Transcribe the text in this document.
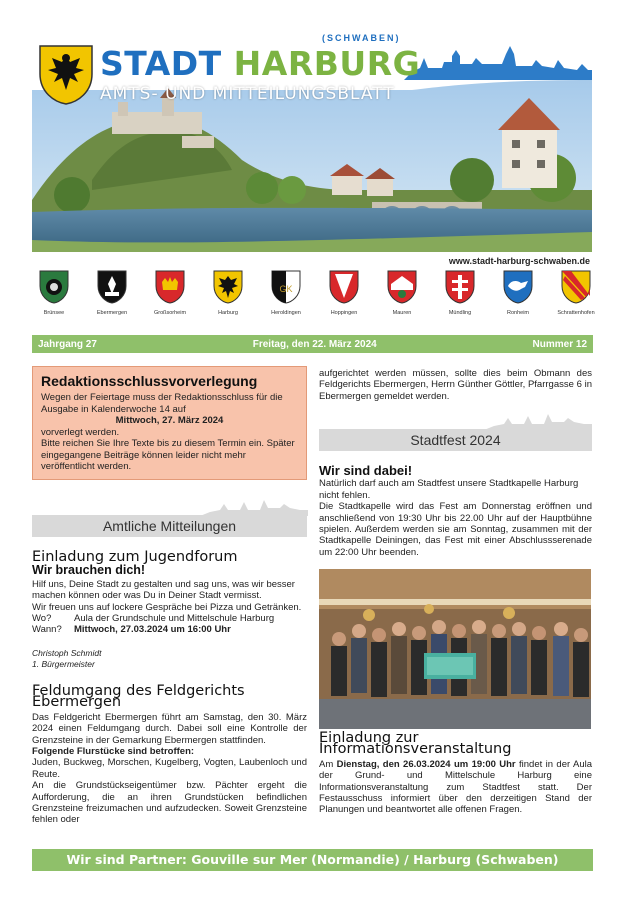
(SCHWABEN)
STADT HARBURG
AMTS- UND MITTEILUNGSBLATT
www.stadt-harburg-schwaben.de
Brünsee	Ebermergen	Großsorheim	Harburg
GK
Heroldingen	Hoppingen	Mauren	Mündling	Ronheim	Schrattenhofen
Jahrgang 27	Freitag, den 22. März 2024	Nummer 12
Redaktionsschlussvorverlegung

Wegen der Feiertage muss der Redaktionsschluss für die Ausgabe in Kalenderwoche 14 auf

Mittwoch, 27. März 2024

vorverlegt werden.

Bitte reichen Sie Ihre Texte bis zu diesem Termin ein. Später eingegangene Beiträge können leider nicht mehr veröffentlicht werden.

Amtliche Mitteilungen
Einladung zum Jugendforum
Wir brauchen dich!

Hilf uns, Deine Stadt zu gestalten und sag uns, was wir besser machen können oder was Du in Deiner Stadt vermisst.

Wir freuen uns auf lockere Gespräche bei Pizza und Getränken.

Wo? Aula der Grundschule und Mittelschule Harburg

Wann? Mittwoch, 27.03.2024 um 16:00 Uhr

Christoph Schmidt

1. Bürgermeister

Feldumgang des Feldgerichts
Ebermergen

Das Feldgericht Ebermergen führt am Samstag, den 30. März 2024 einen Feldumgang durch. Dabei soll eine Kontrolle der Grenzsteine in der Gemarkung Ebermergen stattfinden.

Folgende Flurstücke sind betroffen:

Juden, Buckweg, Morschen, Kugelberg, Vogten, Laubenloch und Reute.

An die Grundstückseigentümer bzw. Pächter ergeht die Aufforderung, die an ihren Grundstücken befindlichen Grenzsteine freizumachen und aufzudecken. Soweit Grenzsteine fehlen oder

aufgerichtet werden müssen, sollte dies beim Obmann des Feldgerichts Ebermergen, Herrn Günther Göttler, Pfarrgasse 6 in Ebermergen gemeldet werden.
Stadtfest 2024
Wir sind dabei!

Natürlich darf auch am Stadtfest unsere Stadtkapelle Harburg nicht fehlen.

Die Stadtkapelle wird das Fest am Donnerstag eröffnen und anschließend von 19:30 Uhr bis 22.00 Uhr auf der Hauptbühne spielen. Außerdem werden sie am Sonntag, zusammen mit der Stadtkapelle Deiningen, das Fest mit einer Abschlussserenade um 22:00 Uhr beenden.

Einladung zur
Informationsveranstaltung

Am Dienstag, den 26.03.2024 um 19:00 Uhr findet in der Aula der Grund- und Mittelschule Harburg eine Informationsveranstaltung zum Stadtfest statt. Der Festausschuss informiert über den derzeitigen Stand der Planungen und beantwortet alle offenen Fragen.

Wir sind Partner: Gouville sur Mer (Normandie) / Harburg (Schwaben)
